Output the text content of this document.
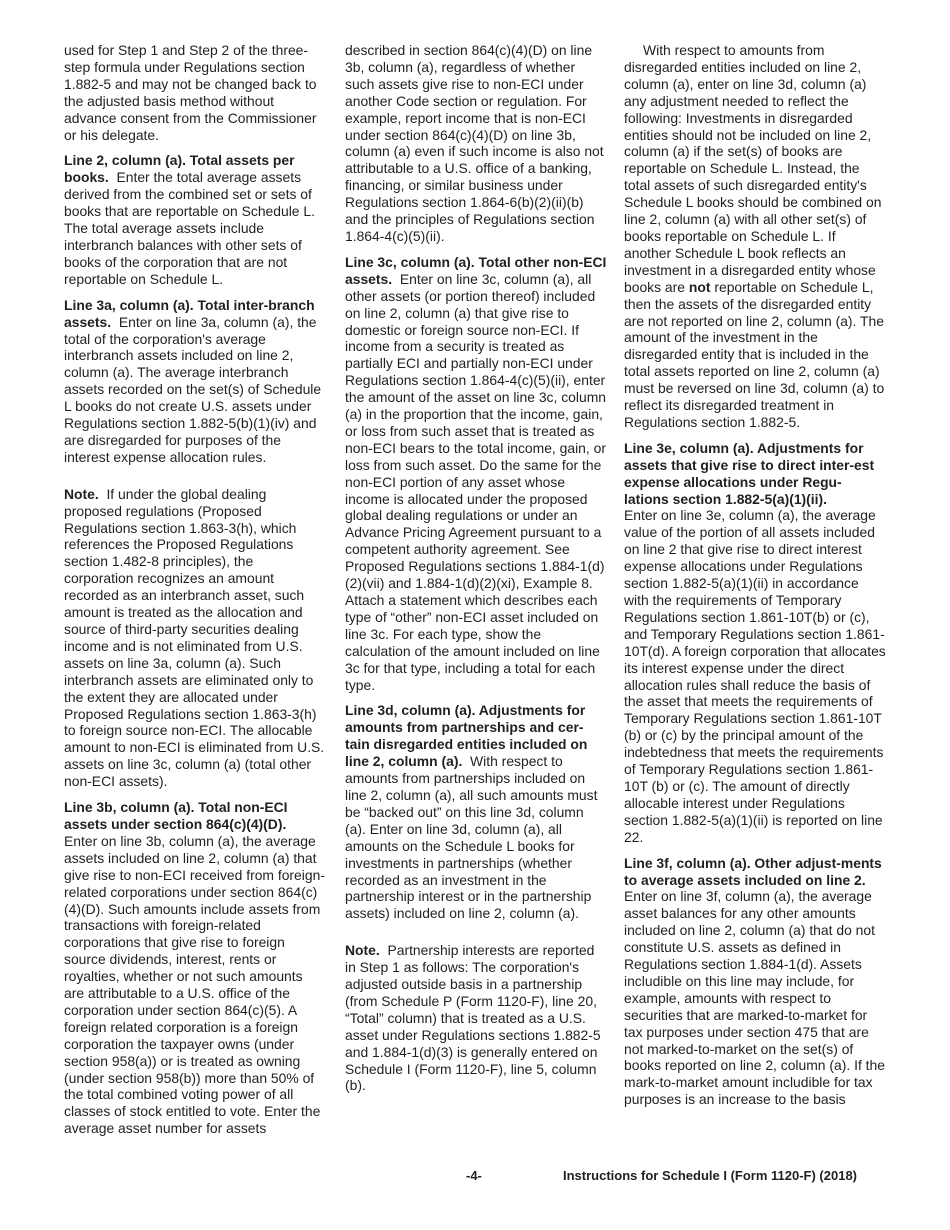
used for Step 1 and Step 2 of the three-step formula under Regulations section 1.882-5 and may not be changed back to the adjusted basis method without advance consent from the Commissioner or his delegate.

Line 2, column (a). Total assets per books. Enter the total average assets derived from the combined set or sets of books that are reportable on Schedule L. The total average assets include interbranch balances with other sets of books of the corporation that are not reportable on Schedule L.

Line 3a, column (a). Total inter-branch assets. Enter on line 3a, column (a), the total of the corporation's average interbranch assets included on line 2, column (a). The average interbranch assets recorded on the set(s) of Schedule L books do not create U.S. assets under Regulations section 1.882-5(b)(1)(iv) and are disregarded for purposes of the interest expense allocation rules.

Note. If under the global dealing proposed regulations (Proposed Regulations section 1.863-3(h), which references the Proposed Regulations section 1.482-8 principles), the corporation recognizes an amount recorded as an interbranch asset, such amount is treated as the allocation and source of third-party securities dealing income and is not eliminated from U.S. assets on line 3a, column (a). Such interbranch assets are eliminated only to the extent they are allocated under Proposed Regulations section 1.863-3(h) to foreign source non-ECI. The allocable amount to non-ECI is eliminated from U.S. assets on line 3c, column (a) (total other non-ECI assets).

Line 3b, column (a). Total non-ECI assets under section 864(c)(4)(D).  Enter on line 3b, column (a), the average assets included on line 2, column (a) that give rise to non-ECI received from foreign-related corporations under section 864(c)(4)(D). Such amounts include assets from transactions with foreign-related corporations that give rise to foreign source dividends, interest, rents or royalties, whether or not such amounts are attributable to a U.S. office of the corporation under section 864(c)(5). A foreign related corporation is a foreign corporation the taxpayer owns (under section 958(a)) or is treated as owning (under section 958(b)) more than 50% of the total combined voting power of all classes of stock entitled to vote. Enter the average asset number for assets

described in section 864(c)(4)(D) on line 3b, column (a), regardless of whether such assets give rise to non-ECI under another Code section or regulation. For example, report income that is non-ECI under section 864(c)(4)(D) on line 3b, column (a) even if such income is also not attributable to a U.S. office of a banking, financing, or similar business under Regulations section 1.864-6(b)(2)(ii)(b) and the principles of Regulations section 1.864-4(c)(5)(ii).

Line 3c, column (a). Total other non-ECI assets. Enter on line 3c, column (a), all other assets (or portion thereof) included on line 2, column (a) that give rise to domestic or foreign source non-ECI. If income from a security is treated as partially ECI and partially non-ECI under Regulations section 1.864-4(c)(5)(ii), enter the amount of the asset on line 3c, column (a) in the proportion that the income, gain, or loss from such asset that is treated as non-ECI bears to the total income, gain, or loss from such asset. Do the same for the non-ECI portion of any asset whose income is allocated under the proposed global dealing regulations or under an Advance Pricing Agreement pursuant to a competent authority agreement. See Proposed Regulations sections 1.884-1(d)(2)(vii) and 1.884-1(d)(2)(xi), Example 8. Attach a statement which describes each type of “other” non-ECI asset included on line 3c. For each type, show the calculation of the amount included on line 3c for that type, including a total for each type.

Line 3d, column (a). Adjustments for amounts from partnerships and cer-tain disregarded entities included on line 2, column (a). With respect to amounts from partnerships included on line 2, column (a), all such amounts must be “backed out” on this line 3d, column (a). Enter on line 3d, column (a), all amounts on the Schedule L books for investments in partnerships (whether recorded as an investment in the partnership interest or in the partnership assets) included on line 2, column (a).

Note. Partnership interests are reported in Step 1 as follows: The corporation's adjusted outside basis in a partnership (from Schedule P (Form 1120-F), line 20, “Total” column) that is treated as a U.S. asset under Regulations sections 1.882-5 and 1.884-1(d)(3) is generally entered on Schedule I (Form 1120-F), line 5, column (b).

With respect to amounts from disregarded entities included on line 2, column (a), enter on line 3d, column (a) any adjustment needed to reflect the following: Investments in disregarded entities should not be included on line 2, column (a) if the set(s) of books are reportable on Schedule L. Instead, the total assets of such disregarded entity's Schedule L books should be combined on line 2, column (a) with all other set(s) of books reportable on Schedule L. If another Schedule L book reflects an investment in a disregarded entity whose books are not reportable on Schedule L, then the assets of the disregarded entity are not reported on line 2, column (a). The amount of the investment in the disregarded entity that is included in the total assets reported on line 2, column (a) must be reversed on line 3d, column (a) to reflect its disregarded treatment in Regulations section 1.882-5.

Line 3e, column (a). Adjustments for assets that give rise to direct inter-est expense allocations under Regu-lations section 1.882-5(a)(1)(ii).
Enter on line 3e, column (a), the average value of the portion of all assets included on line 2 that give rise to direct interest expense allocations under Regulations section 1.882-5(a)(1)(ii) in accordance with the requirements of Temporary Regulations section 1.861-10T(b) or (c), and Temporary Regulations section 1.861-10T(d). A foreign corporation that allocates its interest expense under the direct allocation rules shall reduce the basis of the asset that meets the requirements of Temporary Regulations section 1.861-10T (b) or (c) by the principal amount of the indebtedness that meets the requirements of Temporary Regulations section 1.861-10T (b) or (c). The amount of directly allocable interest under Regulations section 1.882-5(a)(1)(ii) is reported on line 22.

Line 3f, column (a). Other adjust-ments to average assets included on line 2.  Enter on line 3f, column (a), the average asset balances for any other amounts included on line 2, column (a) that do not constitute U.S. assets as defined in Regulations section 1.884-1(d). Assets includible on this line may include, for example, amounts with respect to securities that are marked-to-market for tax purposes under section 475 that are not marked-to-market on the set(s) of books reported on line 2, column (a). If the mark-to-market amount includible for tax purposes is an increase to the basis

-4-	Instructions for Schedule I (Form 1120-F) (2018)
